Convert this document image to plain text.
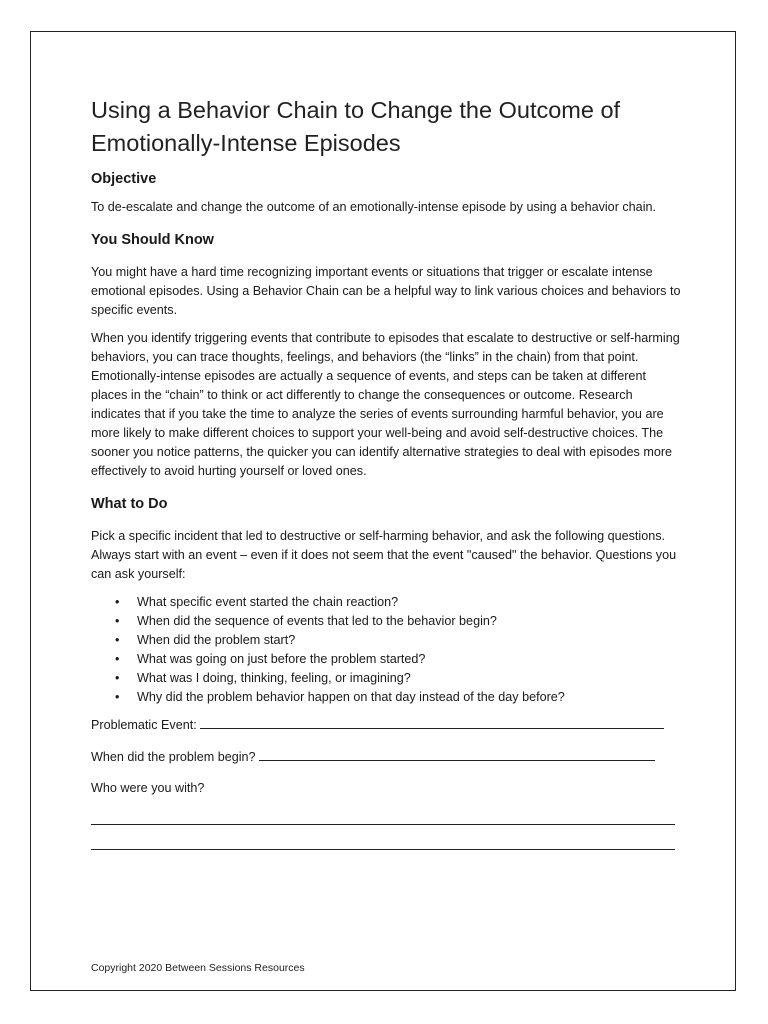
Using a Behavior Chain to Change the Outcome of
Emotionally-Intense Episodes
Objective

To de-escalate and change the outcome of an emotionally-intense episode by using a behavior chain.

You Should Know

You might have a hard time recognizing important events or situations that trigger or escalate intense emotional episodes. Using a Behavior Chain can be a helpful way to link various choices and behaviors to specific events.

When you identify triggering events that contribute to episodes that escalate to destructive or self-harming behaviors, you can trace thoughts, feelings, and behaviors (the “links” in the chain) from that point. Emotionally-intense episodes are actually a sequence of events, and steps can be taken at different places in the “chain” to think or act differently to change the consequences or outcome. Research indicates that if you take the time to analyze the series of events surrounding harmful behavior, you are more likely to make different choices to support your well-being and avoid self-destructive choices. The sooner you notice patterns, the quicker you can identify alternative strategies to deal with episodes more effectively to avoid hurting yourself or loved ones.

What to Do

Pick a specific incident that led to destructive or self-harming behavior, and ask the following questions. Always start with an event – even if it does not seem that the event "caused" the behavior. Questions you can ask yourself:

• What specific event started the chain reaction?
• When did the sequence of events that led to the behavior begin?
• When did the problem start?
• What was going on just before the problem started?
• What was I doing, thinking, feeling, or imagining?
• Why did the problem behavior happen on that day instead of the day before?
Problematic Event:
When did the problem begin?
Who were you with?
Copyright 2020 Between Sessions Resources
